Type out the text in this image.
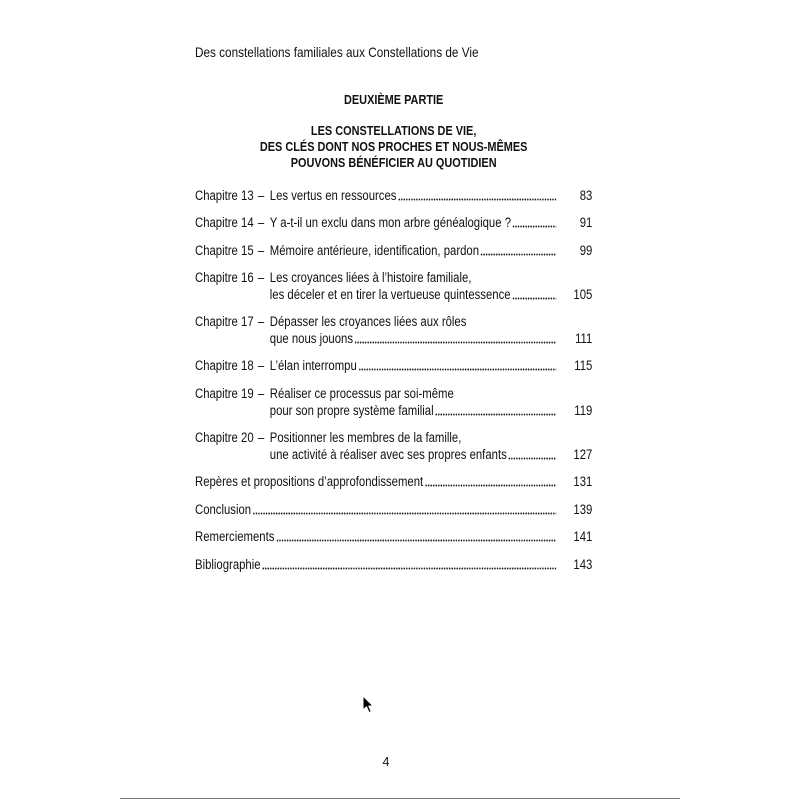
Des constellations familiales aux Constellations de Vie
DEUXIÈME PARTIE
LES CONSTELLATIONS DE VIE,
DES CLÉS DONT NOS PROCHES ET NOUS-MÊMES
POUVONS BÉNÉFICIER AU QUOTIDIEN
Chapitre 13 – Les vertus en ressources	83
Chapitre 14 – Y a-t-il un exclu dans mon arbre généalogique ?	91
Chapitre 15 – Mémoire antérieure, identification, pardon	99
Chapitre 16 – Les croyances liées à l’histoire familiale,
les déceler et en tirer la vertueuse quintessence	105
Chapitre 17 – Dépasser les croyances liées aux rôles
que nous jouons	111
Chapitre 18 – L’élan interrompu	115
Chapitre 19 – Réaliser ce processus par soi-même
pour son propre système familial	119
Chapitre 20 – Positionner les membres de la famille,
une activité à réaliser avec ses propres enfants	127
Repères et propositions d’approfondissement	131
Conclusion	139
Remerciements	141
Bibliographie	143
4
